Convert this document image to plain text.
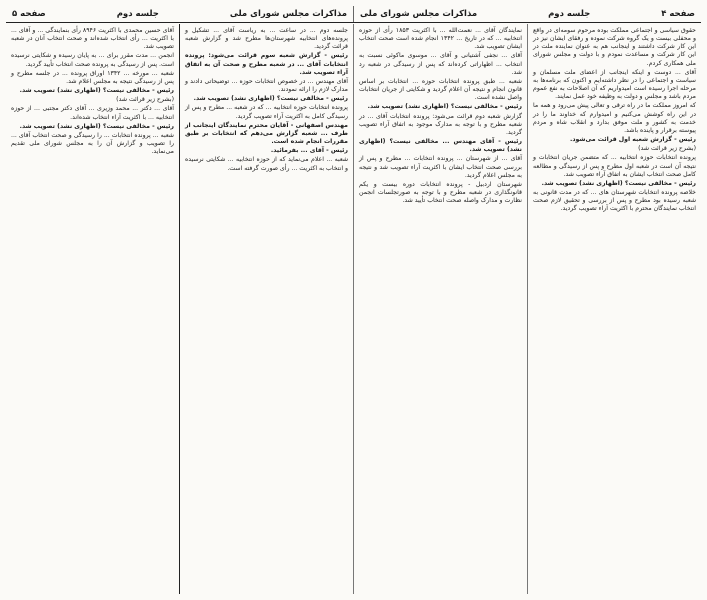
صفحه ۴
جلسه دوم
مذاکرات مجلس شورای ملی
مذاکرات مجلس شورای ملی
جلسه دوم
صفحه ۵

حقوق سیاسی و اجتماعی مملکت بوده مرحوم سومه‌ای در واقع و محفلی بیست و یک گروه شرکت نموده و رفقای ایشان نیز در این کار شرکت داشتند و اینجانب هم به عنوان نماینده ملت در این کار شرکت و مساعدت نمودم و با دولت و مجلس شورای ملی همکاری کردم.

آقای ... دوست و اینکه اینجانب از اعضای ملت مسلمان و سیاست و اجتماعی را در نظر داشته‌ایم و اکنون که برنامه‌ها به مرحله اجرا رسیده است امیدواریم که آن اصلاحات به نفع عموم مردم باشد و مجلس و دولت به وظیفه خود عمل نمایند.

که امروز مملکت ما در راه ترقی و تعالی پیش می‌رود و همه ما در این راه کوشش می‌کنیم و امیدوارم که خداوند ما را در خدمت به کشور و ملت موفق بدارد و انقلاب شاه و مردم پیوسته برقرار و پاینده باشد.

رئیس - گزارش شعبه اول قرائت می‌شود.

(بشرح زیر قرائت شد)

پرونده انتخابات حوزه انتخابیه ... که متضمن جریان انتخابات و نتیجه آن است در شعبه اول مطرح و پس از رسیدگی و مطالعه کامل صحت انتخاب ایشان به اتفاق آراء تصویب شد.

رئیس - مخالفی نیست؟ (اظهاری نشد) تصویب شد.

خلاصه پرونده انتخابات شهرستان های ... که در مدت قانونی به شعبه رسیده بود مطرح و پس از بررسی و تحقیق لازم صحت انتخاب نمایندگان محترم با اکثریت آراء تصویب گردید.

نمایندگان آقای ... نعمت‌الله ... با اکثریت ۱۸۵۳ رأی از حوزه انتخابیه ... که در تاریخ ... ۱۳۴۲ انجام شده است صحت انتخاب ایشان تصویب شد.

آقای ... نجفی آشتیانی و آقای ... موسوی ماکوئی نسبت به انتخاب ... اظهاراتی کرده‌اند که پس از رسیدگی در شعبه رد شد.

شعبه ... طبق پرونده انتخابات حوزه ... انتخابات بر اساس قانون انجام و نتیجه آن اعلام گردید و شکایتی از جریان انتخابات واصل نشده است.

رئیس - مخالفی نیست؟ (اظهاری نشد) تصویب شد.

گزارش شعبه دوم قرائت می‌شود: پرونده انتخابات آقای ... در شعبه مطرح و با توجه به مدارک موجود به اتفاق آراء تصویب گردید.

رئیس - آقای مهندس ... مخالفی نیست؟ (اظهاری نشد) تصویب شد.

آقای ... از شهرستان ... پرونده انتخابات ... مطرح و پس از بررسی صحت انتخاب ایشان با اکثریت آراء تصویب شد و نتیجه به مجلس اعلام گردید.

شهرستان اردبیل - پرونده انتخابات دوره بیست و یکم قانونگذاری در شعبه مطرح و با توجه به صورتجلسات انجمن نظارت و مدارک واصله صحت انتخاب تأیید شد.

جلسه دوم ... در ساعت ... به ریاست آقای ... تشکیل و پرونده‌های انتخابیه شهرستان‌ها مطرح شد و گزارش شعبه قرائت گردید.

رئیس - گزارش شعبه سوم قرائت می‌شود: پرونده انتخابات آقای ... در شعبه مطرح و صحت آن به اتفاق آراء تصویب شد.

آقای مهندس ... در خصوص انتخابات حوزه ... توضیحاتی دادند و مدارک لازم را ارائه نمودند.

رئیس - مخالفی نیست؟ (اظهاری نشد) تصویب شد.

پرونده انتخابات حوزه انتخابیه ... که در شعبه ... مطرح و پس از رسیدگی کامل به اکثریت آراء تصویب گردید.

مهندس اصفهانی - آقایان محترم نمایندگان اینجانب از طرف ... شعبه گزارش می‌دهم که انتخابات بر طبق مقررات انجام شده است.

رئیس - آقای ... بفرمائید.

شعبه ... اعلام می‌نماید که از حوزه انتخابیه ... شکایتی نرسیده و انتخاب به اکثریت ... رأی صورت گرفته است.

آقای حسین محمدی با اکثریت ۸۹۴۶ رأی بنمایندگی ... و آقای ... با اکثریت ... رأی انتخاب شده‌اند و صحت انتخاب آنان در شعبه تصویب شد.

انجمن ... مدت مقرر برای ... به پایان رسیده و شکایتی نرسیده است. پس از رسیدگی به پرونده صحت انتخاب تأیید گردید.

شعبه ... مورخه ... ۱۳۴۲ اوراق پرونده ... در جلسه مطرح و پس از رسیدگی نتیجه به مجلس اعلام شد.

رئیس - مخالفی نیست؟ (اظهاری نشد) تصویب شد.

(بشرح زیر قرائت شد)

آقای ... دکتر ... محمد وزیری ... آقای دکتر مجتبی ... از حوزه انتخابیه ... با اکثریت آراء انتخاب شده‌اند.

رئیس - مخالفی نیست؟ (اظهاری نشد) تصویب شد.

شعبه ... پرونده انتخابات ... را رسیدگی و صحت انتخاب آقای ... را تصویب و گزارش آن را به مجلس شورای ملی تقدیم می‌نماید.
